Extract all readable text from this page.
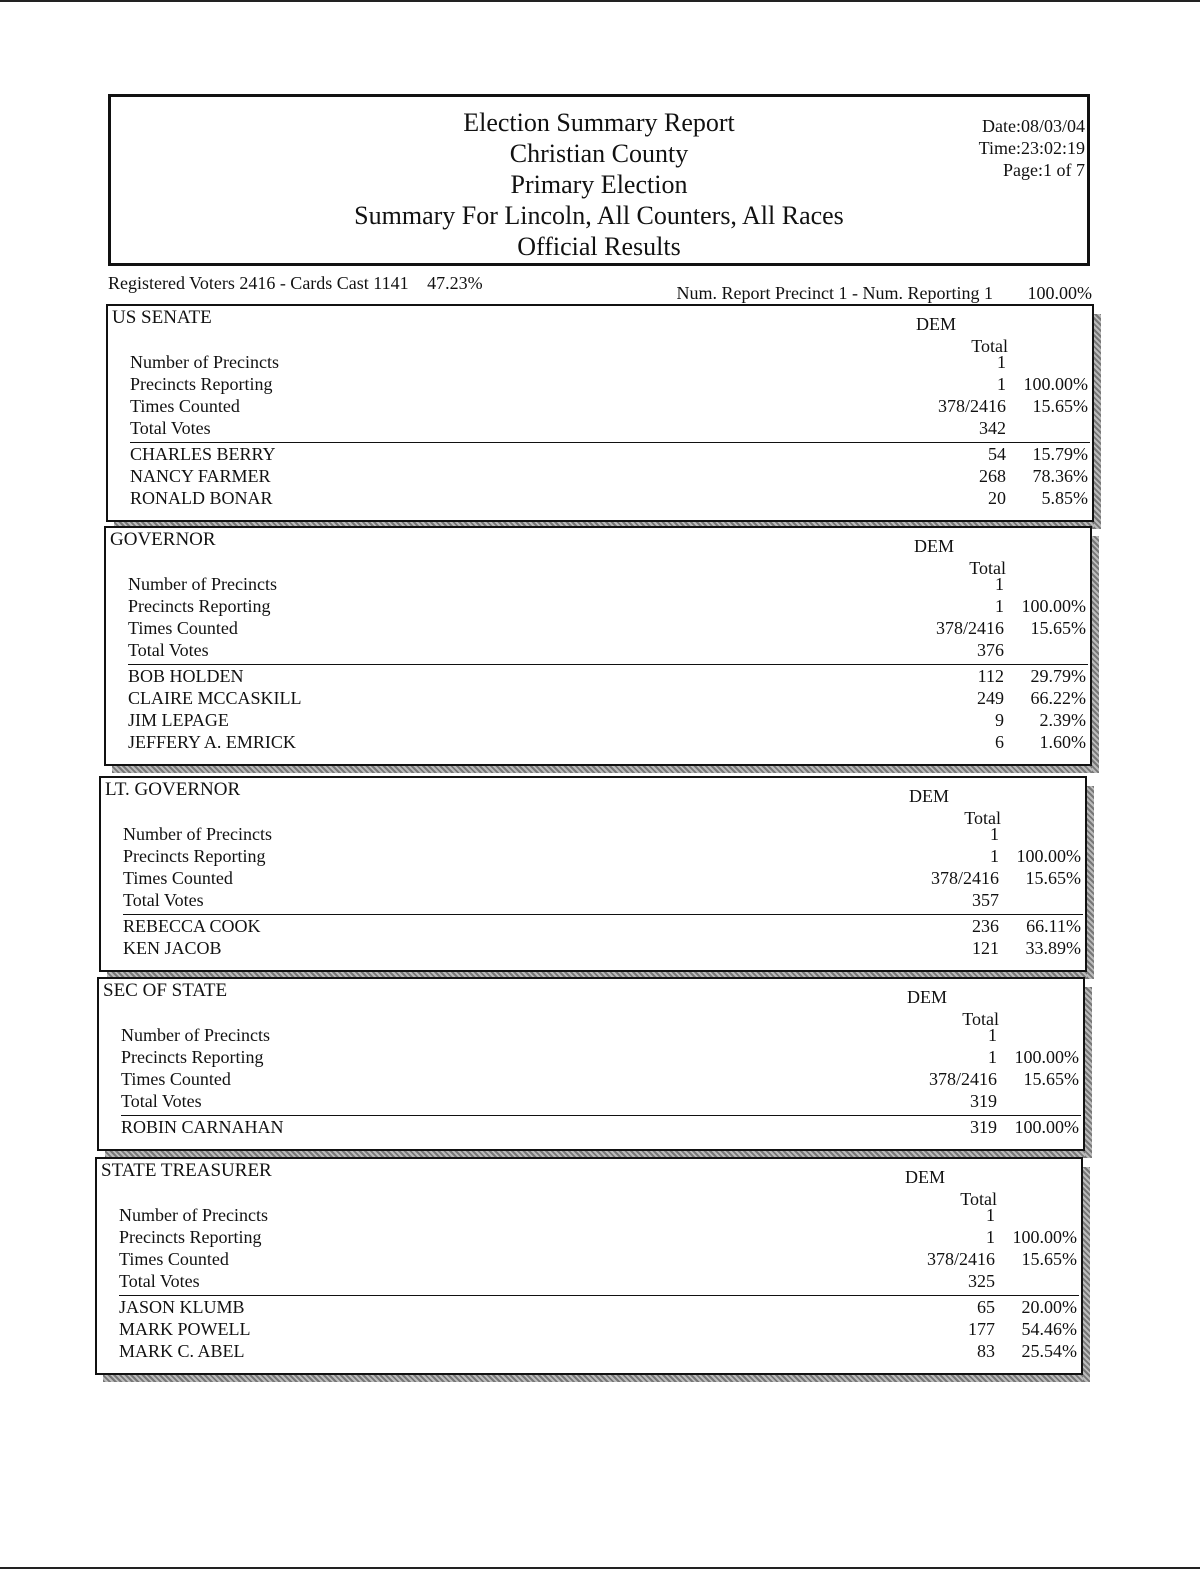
Election Summary Report
Christian County
Primary Election
Summary For Lincoln, All Counters, All Races
Official Results
Date:08/03/04
Time:23:02:19
Page:1 of 7
Registered Voters 2416 - Cards Cast 1141 47.23%	Num. Report Precinct 1 - Num. Reporting 1 100.00%
US SENATE	DEM
Total
Number of Precincts	1
Precincts Reporting	1 100.00%
Times Counted	378/2416 15.65%
Total Votes	342
CHARLES BERRY	54 15.79%
NANCY FARMER	268 78.36%
RONALD BONAR	20 5.85%
GOVERNOR	DEM
Total
Number of Precincts	1
Precincts Reporting	1 100.00%
Times Counted	378/2416 15.65%
Total Votes	376
BOB HOLDEN	112 29.79%
CLAIRE MCCASKILL	249 66.22%
JIM LEPAGE	9 2.39%
JEFFERY A. EMRICK	6 1.60%
LT. GOVERNOR	DEM
Total
Number of Precincts	1
Precincts Reporting	1 100.00%
Times Counted	378/2416 15.65%
Total Votes	357
REBECCA COOK	236 66.11%
KEN JACOB	121 33.89%
SEC OF STATE	DEM
Total
Number of Precincts	1
Precincts Reporting	1 100.00%
Times Counted	378/2416 15.65%
Total Votes	319
ROBIN CARNAHAN	319 100.00%
STATE TREASURER	DEM
Total
Number of Precincts	1
Precincts Reporting	1 100.00%
Times Counted	378/2416 15.65%
Total Votes	325
JASON KLUMB	65 20.00%
MARK POWELL	177 54.46%
MARK C. ABEL	83 25.54%
